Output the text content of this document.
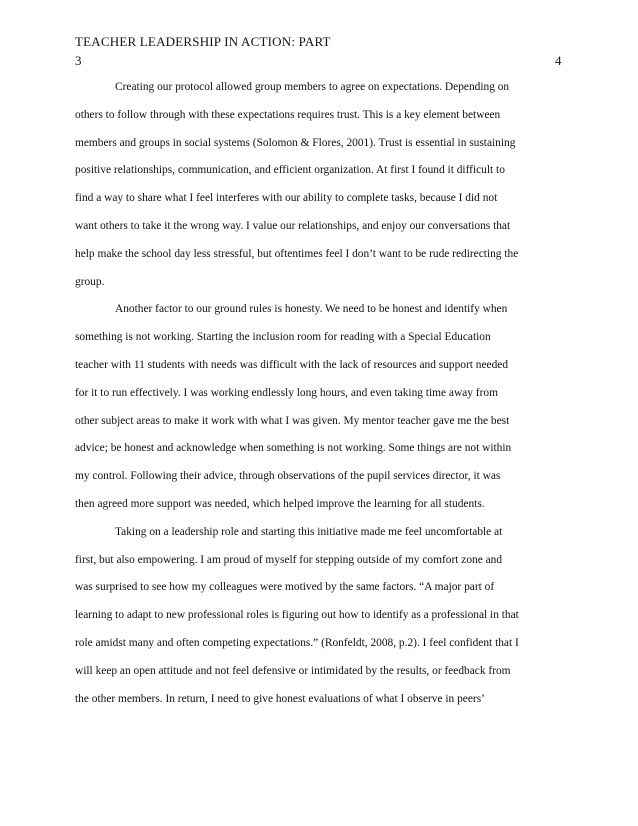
TEACHER LEADERSHIP IN ACTION: PART
3	4
Creating our protocol allowed group members to agree on expectations. Depending on
others to follow through with these expectations requires trust. This is a key element between
members and groups in social systems (Solomon & Flores, 2001). Trust is essential in sustaining
positive relationships, communication, and efficient organization. At first I found it difficult to
find a way to share what I feel interferes with our ability to complete tasks, because I did not
want others to take it the wrong way. I value our relationships, and enjoy our conversations that
help make the school day less stressful, but oftentimes feel I don’t want to be rude redirecting the
group.
Another factor to our ground rules is honesty. We need to be honest and identify when
something is not working. Starting the inclusion room for reading with a Special Education
teacher with 11 students with needs was difficult with the lack of resources and support needed
for it to run effectively. I was working endlessly long hours, and even taking time away from
other subject areas to make it work with what I was given. My mentor teacher gave me the best
advice; be honest and acknowledge when something is not working. Some things are not within
my control. Following their advice, through observations of the pupil services director, it was
then agreed more support was needed, which helped improve the learning for all students.
Taking on a leadership role and starting this initiative made me feel uncomfortable at
first, but also empowering. I am proud of myself for stepping outside of my comfort zone and
was surprised to see how my colleagues were motived by the same factors. “A major part of
learning to adapt to new professional roles is figuring out how to identify as a professional in that
role amidst many and often competing expectations.” (Ronfeldt, 2008, p.2). I feel confident that I
will keep an open attitude and not feel defensive or intimidated by the results, or feedback from
the other members. In return, I need to give honest evaluations of what I observe in peers’
